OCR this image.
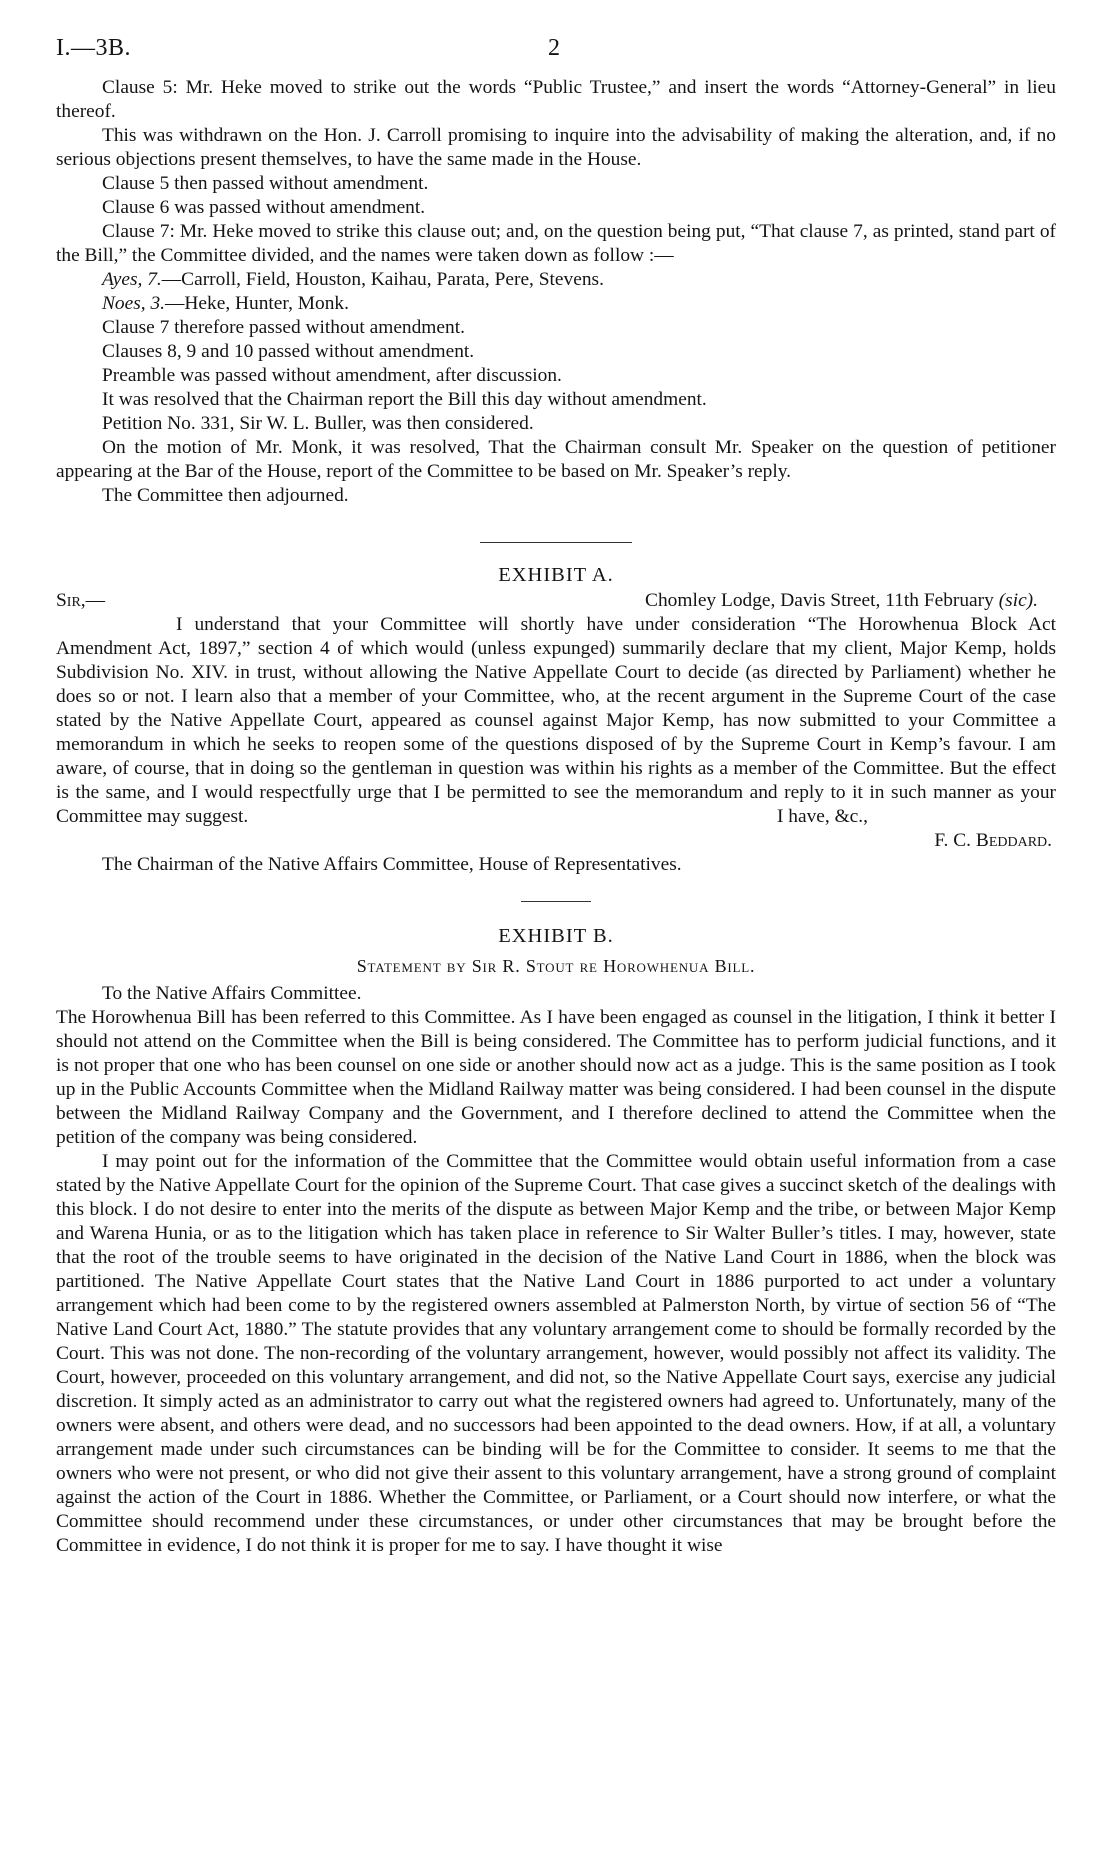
I.—3B.	2

Clause 5: Mr. Heke moved to strike out the words “Public Trustee,” and insert the words “Attorney-General” in lieu thereof.

This was withdrawn on the Hon. J. Carroll promising to inquire into the advisability of making the alteration, and, if no serious objections present themselves, to have the same made in the House.

Clause 5 then passed without amendment.

Clause 6 was passed without amendment.

Clause 7: Mr. Heke moved to strike this clause out; and, on the question being put, “That clause 7, as printed, stand part of the Bill,” the Committee divided, and the names were taken down as follow :—

Ayes, 7.—Carroll, Field, Houston, Kaihau, Parata, Pere, Stevens.

Noes, 3.—Heke, Hunter, Monk.

Clause 7 therefore passed without amendment.

Clauses 8, 9 and 10 passed without amendment.

Preamble was passed without amendment, after discussion.

It was resolved that the Chairman report the Bill this day without amendment.

Petition No. 331, Sir W. L. Buller, was then considered.

On the motion of Mr. Monk, it was resolved, That the Chairman consult Mr. Speaker on the question of petitioner appearing at the Bar of the House, report of the Committee to be based on Mr. Speaker’s reply.

The Committee then adjourned.

EXHIBIT A.
Sir,—	Chomley Lodge, Davis Street, 11th February (sic).

I understand that your Committee will shortly have under consideration “The Horowhenua Block Act Amendment Act, 1897,” section 4 of which would (unless expunged) summarily declare that my client, Major Kemp, holds Subdivision No. XIV. in trust, without allowing the Native Appellate Court to decide (as directed by Parliament) whether he does so or not. I learn also that a member of your Committee, who, at the recent argument in the Supreme Court of the case stated by the Native Appellate Court, appeared as counsel against Major Kemp, has now submitted to your Committee a memorandum in which he seeks to reopen some of the questions disposed of by the Supreme Court in Kemp’s favour. I am aware, of course, that in doing so the gentleman in question was within his rights as a member of the Committee. But the effect is the same, and I would respectfully urge that I be permitted to see the memorandum and reply to it in such manner as your Committee may suggest.	I have, &c.,
F. C. Beddard.

The Chairman of the Native Affairs Committee, House of Representatives.

EXHIBIT B.
Statement by Sir R. Stout re Horowhenua Bill.

To the Native Affairs Committee.

The Horowhenua Bill has been referred to this Committee. As I have been engaged as counsel in the litigation, I think it better I should not attend on the Committee when the Bill is being considered. The Committee has to perform judicial functions, and it is not proper that one who has been counsel on one side or another should now act as a judge. This is the same position as I took up in the Public Accounts Committee when the Midland Railway matter was being considered. I had been counsel in the dispute between the Midland Railway Company and the Government, and I therefore declined to attend the Committee when the petition of the company was being considered.

I may point out for the information of the Committee that the Committee would obtain useful information from a case stated by the Native Appellate Court for the opinion of the Supreme Court. That case gives a succinct sketch of the dealings with this block. I do not desire to enter into the merits of the dispute as between Major Kemp and the tribe, or between Major Kemp and Warena Hunia, or as to the litigation which has taken place in reference to Sir Walter Buller’s titles. I may, however, state that the root of the trouble seems to have originated in the decision of the Native Land Court in 1886, when the block was partitioned. The Native Appellate Court states that the Native Land Court in 1886 purported to act under a voluntary arrangement which had been come to by the registered owners assembled at Palmerston North, by virtue of section 56 of “The Native Land Court Act, 1880.” The statute provides that any voluntary arrangement come to should be formally recorded by the Court. This was not done. The non-recording of the voluntary arrangement, however, would possibly not affect its validity. The Court, however, proceeded on this voluntary arrangement, and did not, so the Native Appellate Court says, exercise any judicial discretion. It simply acted as an administrator to carry out what the registered owners had agreed to. Unfortunately, many of the owners were absent, and others were dead, and no successors had been appointed to the dead owners. How, if at all, a voluntary arrangement made under such circumstances can be binding will be for the Committee to consider. It seems to me that the owners who were not present, or who did not give their assent to this voluntary arrangement, have a strong ground of complaint against the action of the Court in 1886. Whether the Committee, or Parliament, or a Court should now interfere, or what the Committee should recommend under these circumstances, or under other circumstances that may be brought before the Committee in evidence, I do not think it is proper for me to say. I have thought it wise
